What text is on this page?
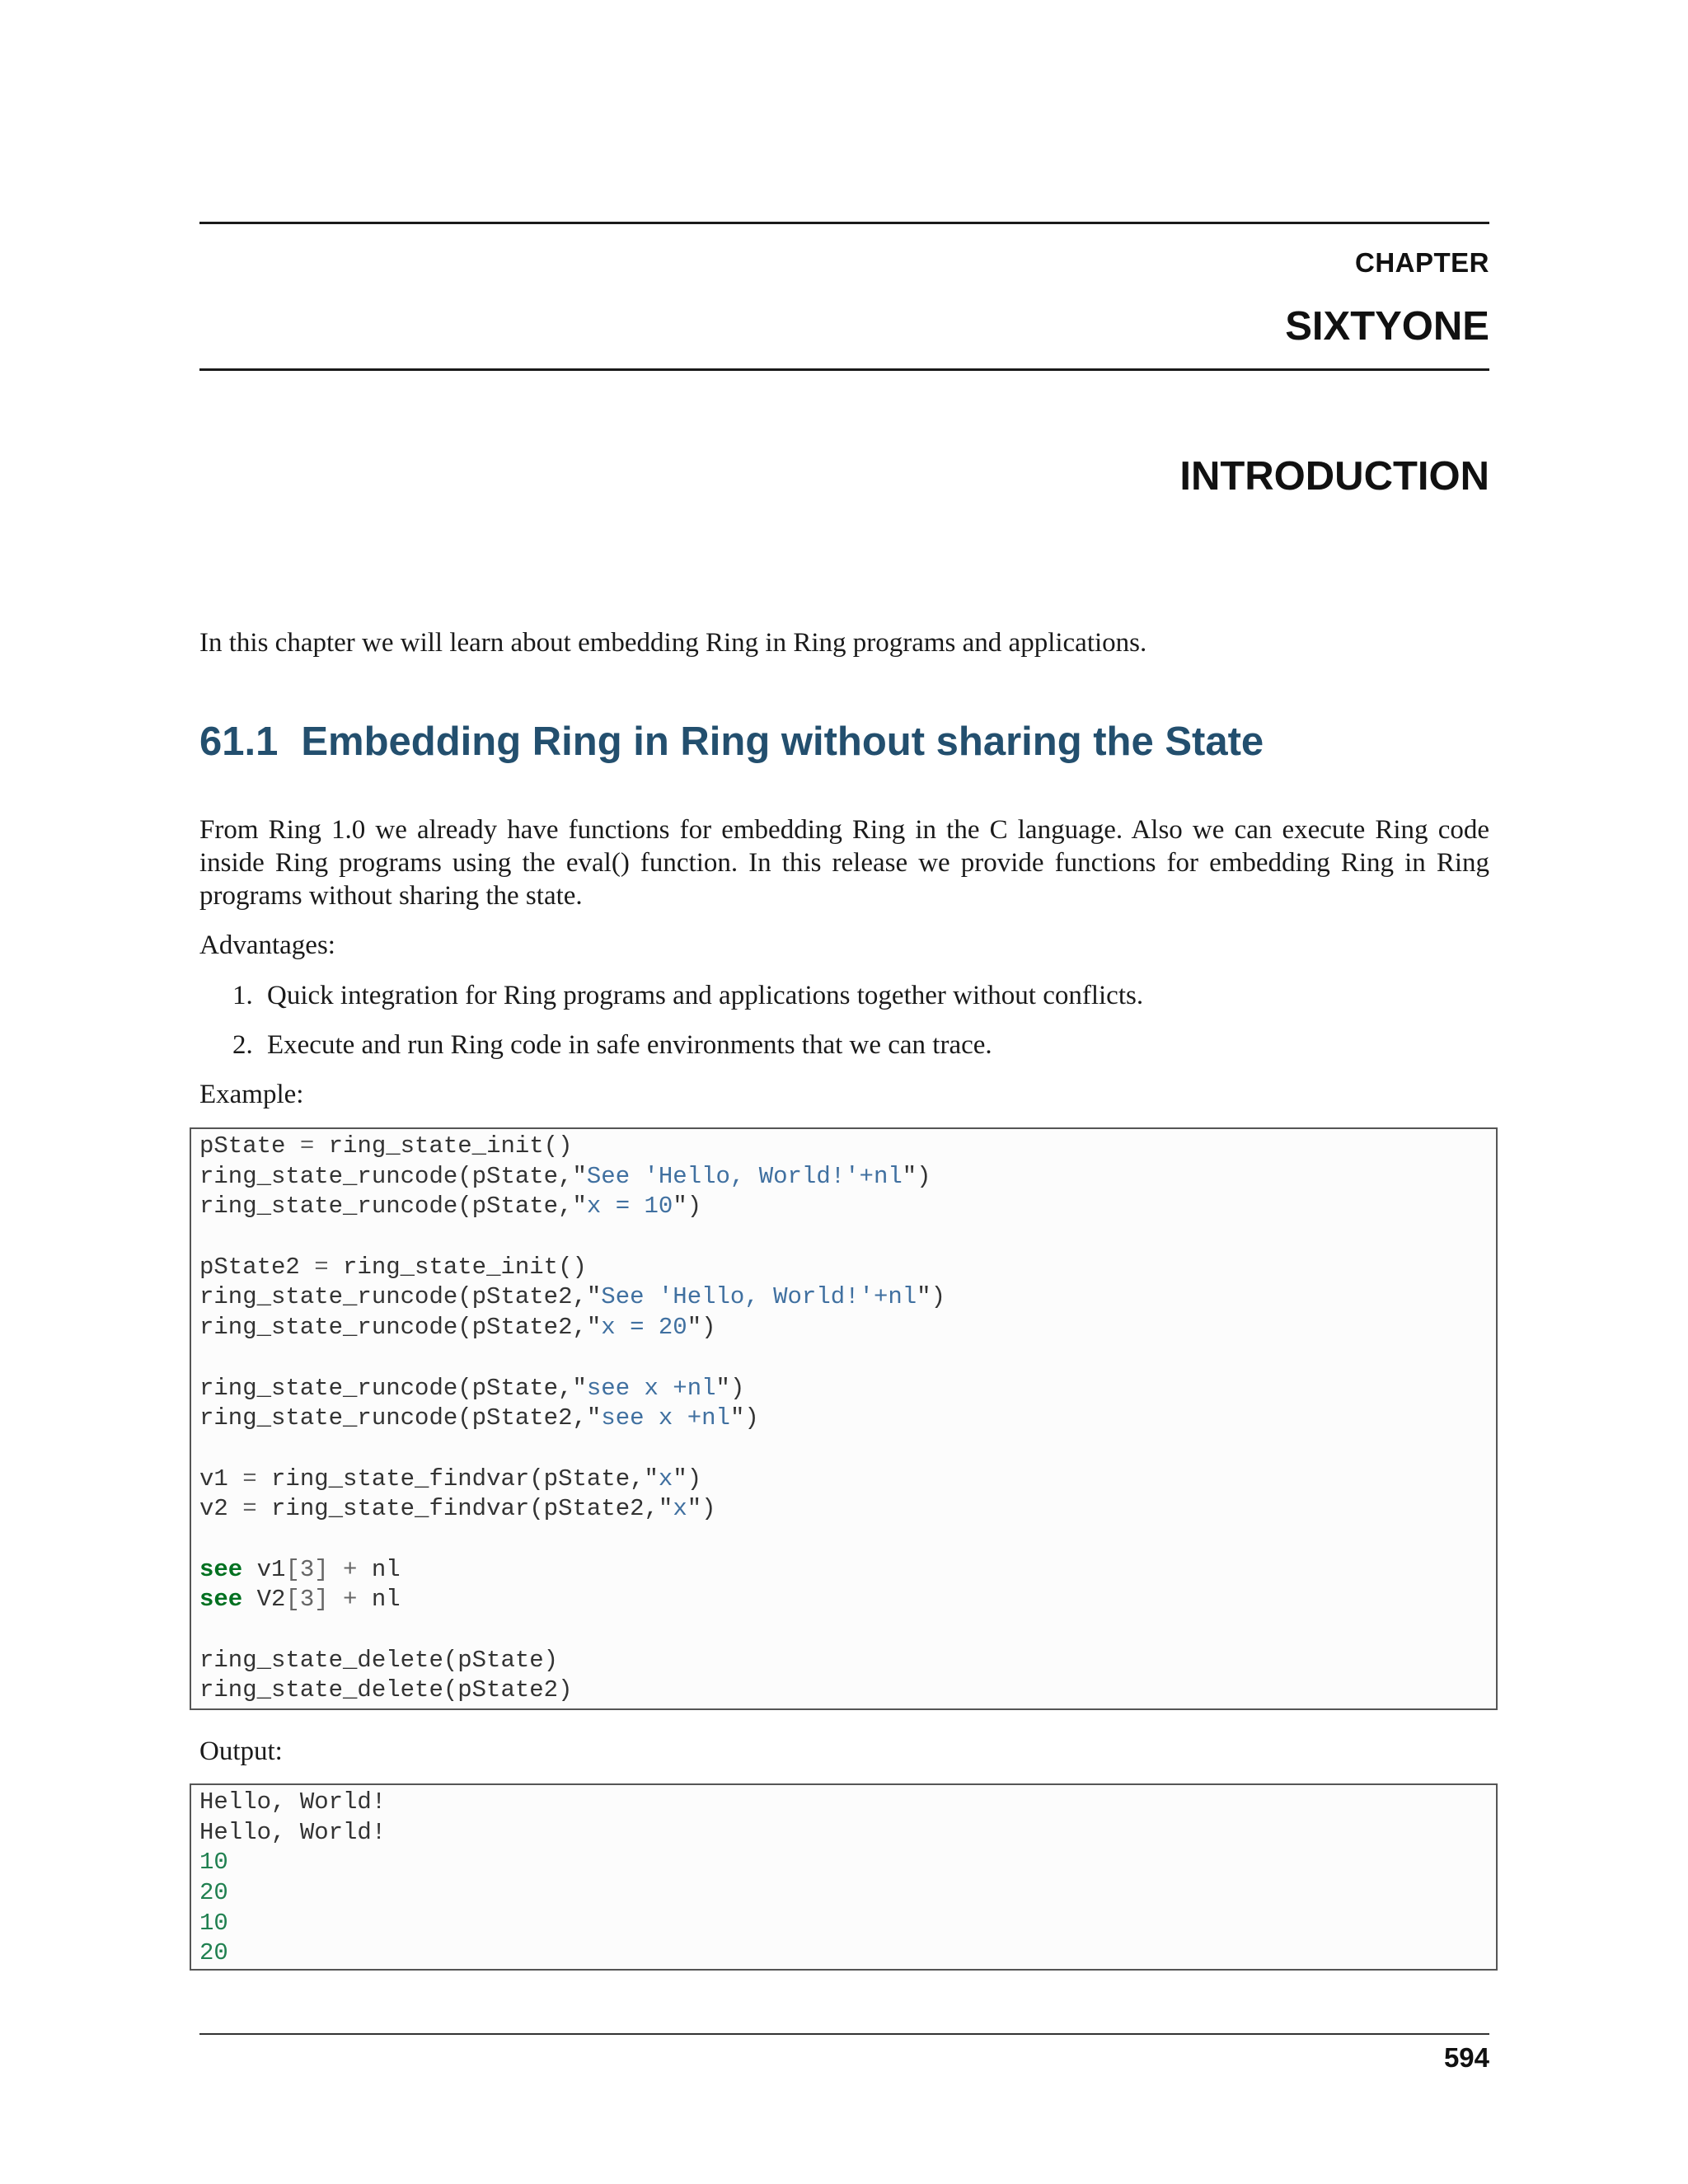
CHAPTER
SIXTYONE
INTRODUCTION
In this chapter we will learn about embedding Ring in Ring programs and applications.
61.1 Embedding Ring in Ring without sharing the State
From Ring 1.0 we already have functions for embedding Ring in the C language. Also we can execute Ring code inside Ring programs using the eval() function. In this release we provide functions for embedding Ring in Ring programs without sharing the state.
Advantages:
1. Quick integration for Ring programs and applications together without conflicts.
2. Execute and run Ring code in safe environments that we can trace.
Example:
pState = ring_state_init()
ring_state_runcode(pState,"See 'Hello, World!'+nl")
ring_state_runcode(pState,"x = 10")
pState2 = ring_state_init()
ring_state_runcode(pState2,"See 'Hello, World!'+nl")
ring_state_runcode(pState2,"x = 20")
ring_state_runcode(pState,"see x +nl")
ring_state_runcode(pState2,"see x +nl")
v1 = ring_state_findvar(pState,"x")
v2 = ring_state_findvar(pState2,"x")
see v1[3] + nl
see V2[3] + nl
ring_state_delete(pState)
ring_state_delete(pState2)
Output:
Hello, World!
Hello, World!
10
20
10
20
594
